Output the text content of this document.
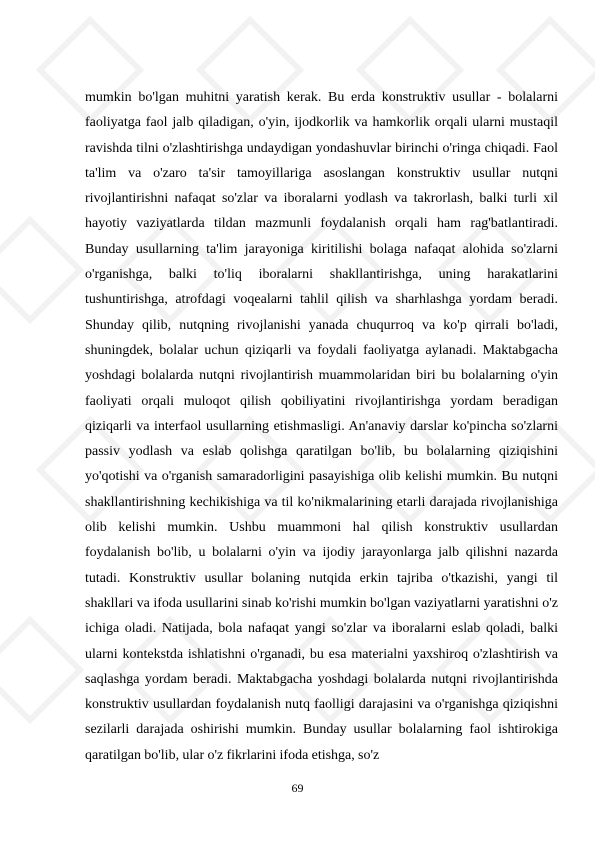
mumkin bo'lgan muhitni yaratish kerak. Bu erda konstruktiv usullar - bolalarni faoliyatga faol jalb qiladigan, o'yin, ijodkorlik va hamkorlik orqali ularni mustaqil ravishda tilni o'zlashtirishga undaydigan yondashuvlar birinchi o'ringa chiqadi. Faol ta'lim va o'zaro ta'sir tamoyillariga asoslangan konstruktiv usullar nutqni rivojlantirishni nafaqat so'zlar va iboralarni yodlash va takrorlash, balki turli xil hayotiy vaziyatlarda tildan mazmunli foydalanish orqali ham rag'batlantiradi. Bunday usullarning ta'lim jarayoniga kiritilishi bolaga nafaqat alohida so'zlarni o'rganishga, balki to'liq iboralarni shakllantirishga, uning harakatlarini tushuntirishga, atrofdagi voqealarni tahlil qilish va sharhlashga yordam beradi. Shunday qilib, nutqning rivojlanishi yanada chuqurroq va ko'p qirrali bo'ladi, shuningdek, bolalar uchun qiziqarli va foydali faoliyatga aylanadi. Maktabgacha yoshdagi bolalarda nutqni rivojlantirish muammolaridan biri bu bolalarning o'yin faoliyati orqali muloqot qilish qobiliyatini rivojlantirishga yordam beradigan qiziqarli va interfaol usullarning etishmasligi. An'anaviy darslar ko'pincha so'zlarni passiv yodlash va eslab qolishga qaratilgan bo'lib, bu bolalarning qiziqishini yo'qotishi va o'rganish samaradorligini pasayishiga olib kelishi mumkin. Bu nutqni shakllantirishning kechikishiga va til ko'nikmalarining etarli darajada rivojlanishiga olib kelishi mumkin. Ushbu muammoni hal qilish konstruktiv usullardan foydalanish bo'lib, u bolalarni o'yin va ijodiy jarayonlarga jalb qilishni nazarda tutadi. Konstruktiv usullar bolaning nutqida erkin tajriba o'tkazishi, yangi til shakllari va ifoda usullarini sinab ko'rishi mumkin bo'lgan vaziyatlarni yaratishni o'z ichiga oladi. Natijada, bola nafaqat yangi so'zlar va iboralarni eslab qoladi, balki ularni kontekstda ishlatishni o'rganadi, bu esa materialni yaxshiroq o'zlashtirish va saqlashga yordam beradi. Maktabgacha yoshdagi bolalarda nutqni rivojlantirishda konstruktiv usullardan foydalanish nutq faolligi darajasini va o'rganishga qiziqishni sezilarli darajada oshirishi mumkin. Bunday usullar bolalarning faol ishtirokiga qaratilgan bo'lib, ular o'z fikrlarini ifoda etishga, so'z

69
